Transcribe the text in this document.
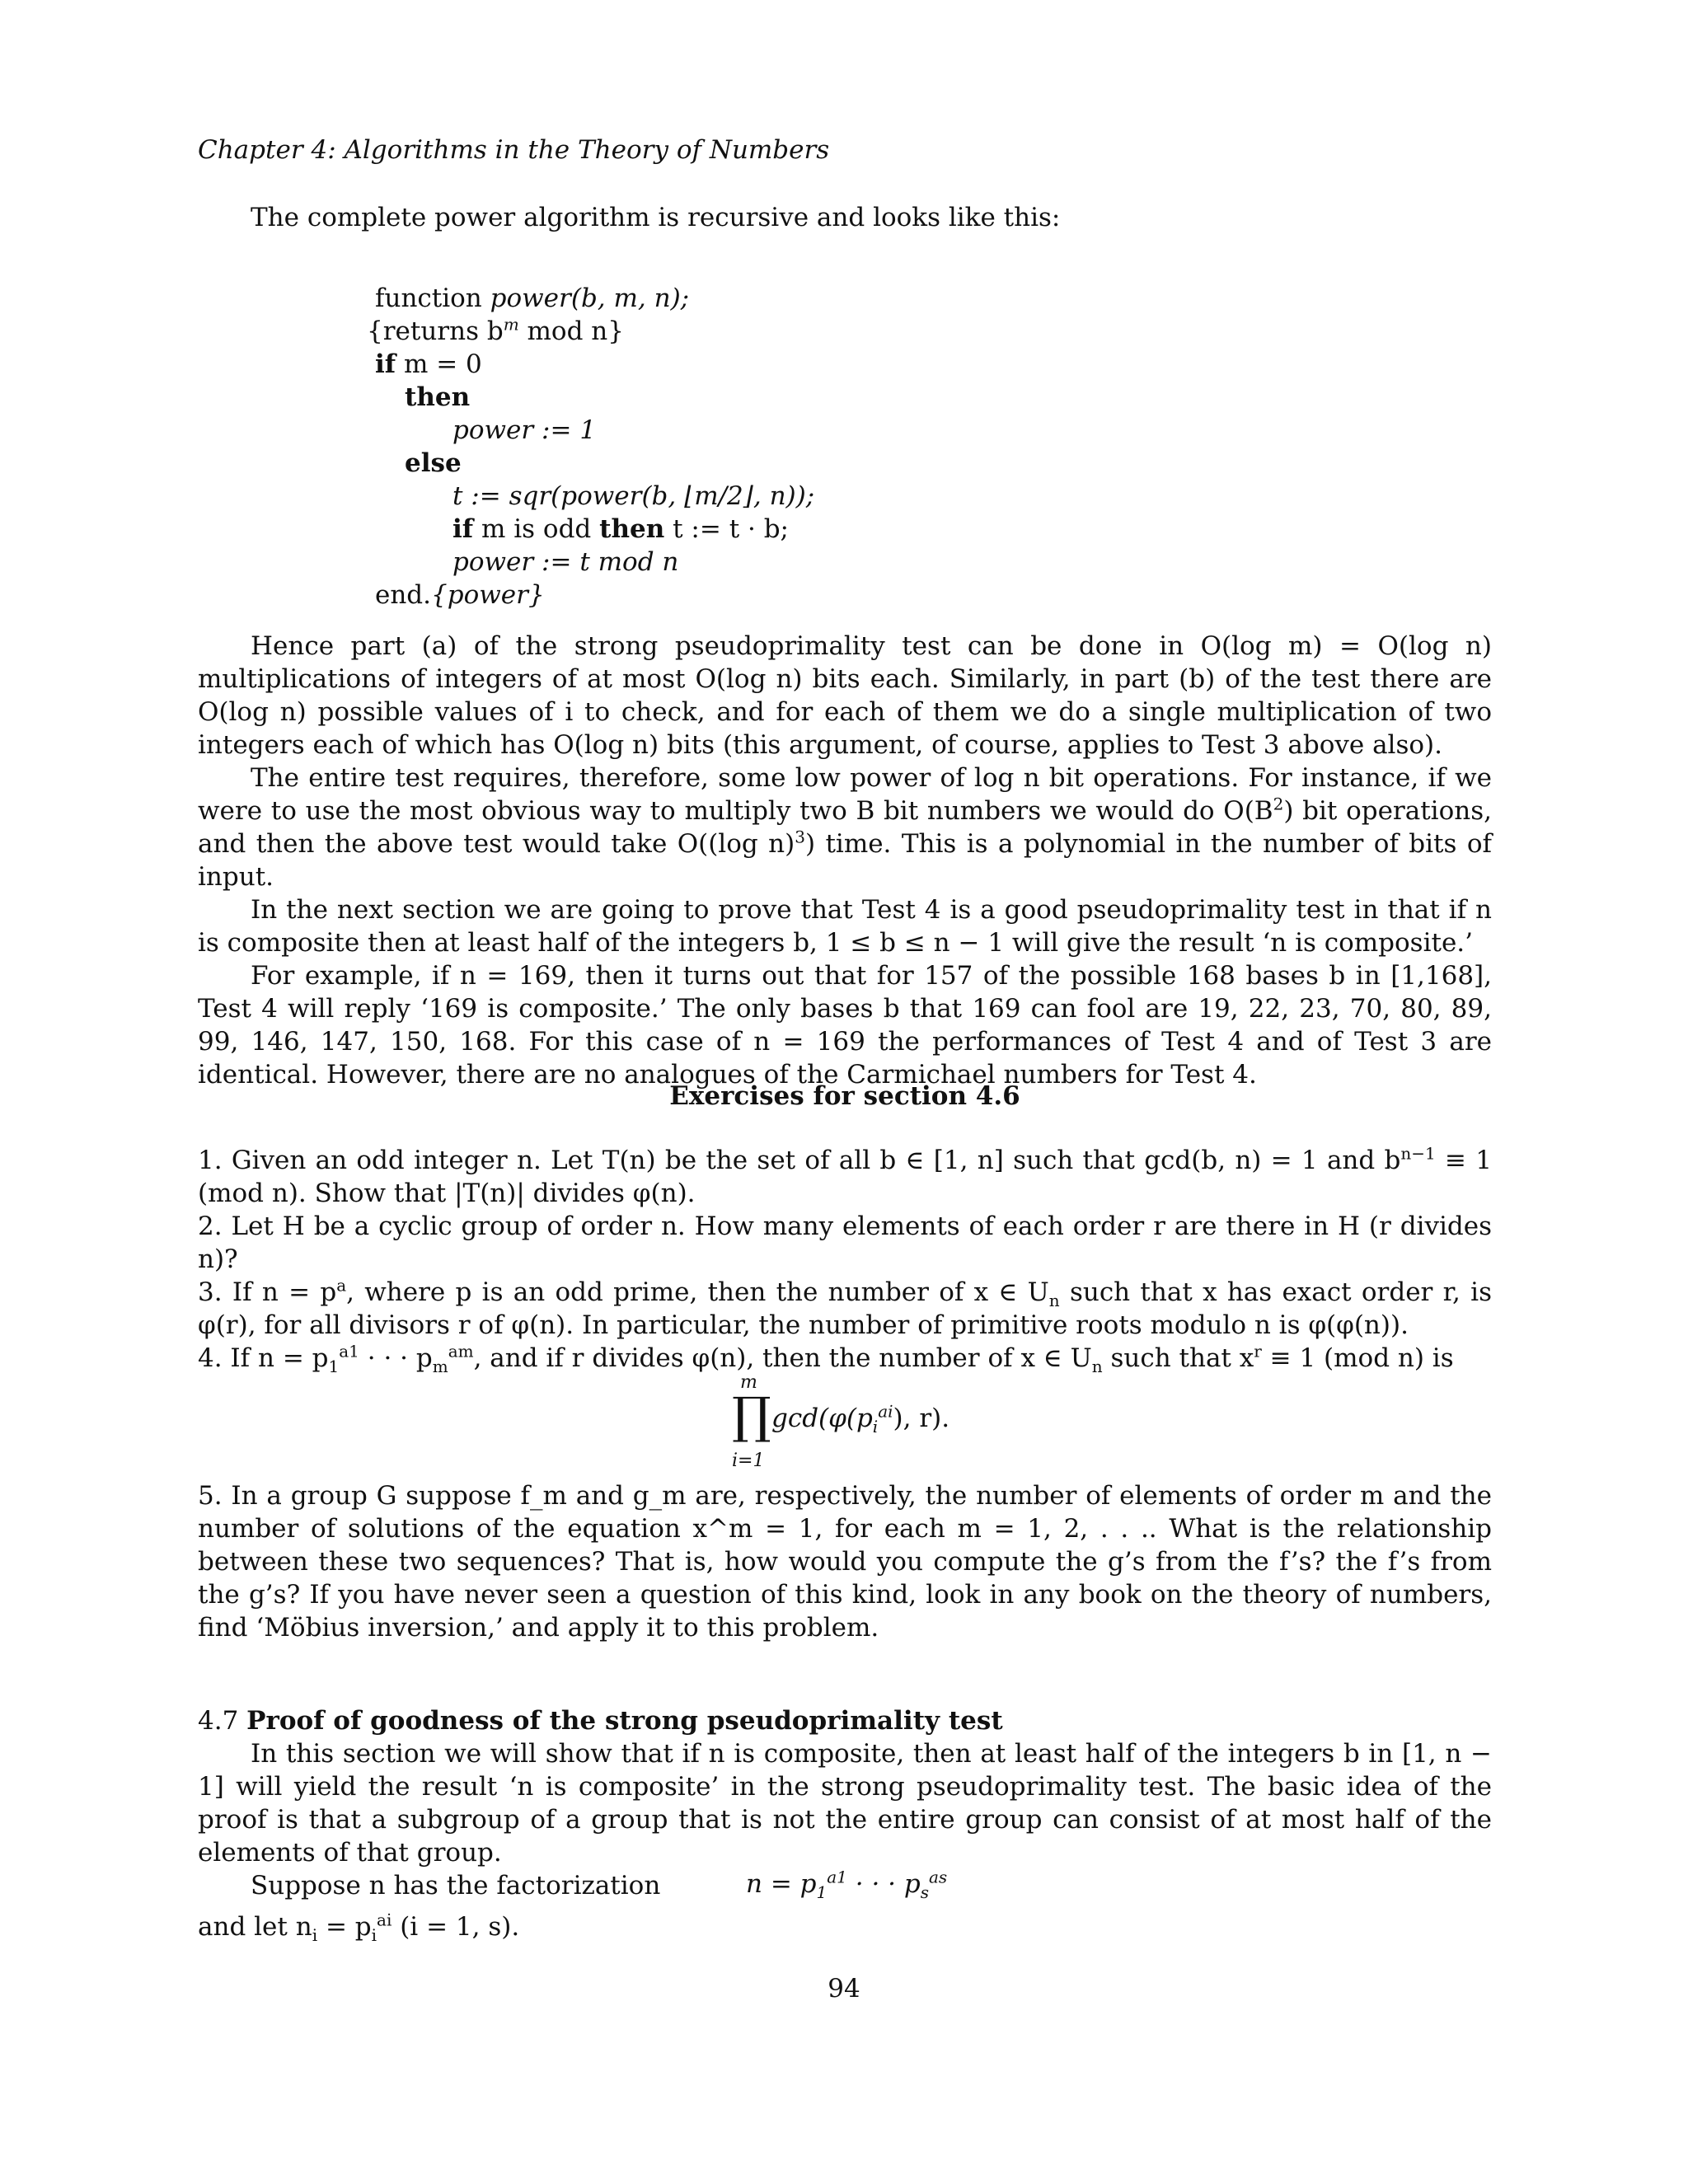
Chapter 4: Algorithms in the Theory of Numbers

The complete power algorithm is recursive and looks like this:

function power(b, m, n);
{returns $b^m$ mod n}
if m = 0
then
power := 1
else
t := sqr(power(b, ⌊m/2⌋, n));
if m is odd then t := t · b;
power := t mod n
end.{power}

Hence part (a) of the strong pseudoprimality test can be done in O(log m) = O(log n) multiplications of integers of at most O(log n) bits each. Similarly, in part (b) of the test there are O(log n) possible values of i to check, and for each of them we do a single multiplication of two integers each of which has O(log n) bits (this argument, of course, applies to Test 3 above also).

The entire test requires, therefore, some low power of log n bit operations. For instance, if we were to use the most obvious way to multiply two B bit numbers we would do $O(B^2)$ bit operations, and then the above test would take O((log n)$^3$) time. This is a polynomial in the number of bits of input.

In the next section we are going to prove that Test 4 is a good pseudoprimality test in that if n is composite then at least half of the integers b, 1 ≤ b ≤ n − 1 will give the result ‘n is composite.’

For example, if n = 169, then it turns out that for 157 of the possible 168 bases b in [1,168], Test 4 will reply ‘169 is composite.’ The only bases b that 169 can fool are 19, 22, 23, 70, 80, 89, 99, 146, 147, 150, 168. For this case of n = 169 the performances of Test 4 and of Test 3 are identical. However, there are no analogues of the Carmichael numbers for Test 4.

Exercises for section 4.6

1. Given an odd integer n. Let T(n) be the set of all b ∈ [1, n] such that gcd(b, n) = 1 and $b^{n-1} \equiv 1$ (mod n). Show that |T(n)| divides φ(n).

2. Let H be a cyclic group of order n. How many elements of each order r are there in H (r divides n)?

3. If $n = p^a$, where p is an odd prime, then the number of x ∈ $U_n$ such that x has exact order r, is φ(r), for all divisors r of φ(n). In particular, the number of primitive roots modulo n is φ(φ(n)).

4. If $n = p_1^{a1}$ · · · $p_m^{am}$, and if r divides φ(n), then the number of x ∈ $U_n$ such that $x^r \equiv 1$ (mod n) is

m
∏ $\gcd(\varphi(p_i^{ai})$, r).
i=1

5. In a group G suppose f_m and g_m are, respectively, the number of elements of order m and the number of solutions of the equation x^m = 1, for each m = 1, 2, . . .. What is the relationship between these two sequences? That is, how would you compute the g’s from the f’s? the f’s from the g’s? If you have never seen a question of this kind, look in any book on the theory of numbers, find ‘Möbius inversion,’ and apply it to this problem.

4.7 Proof of goodness of the strong pseudoprimality test

In this section we will show that if n is composite, then at least half of the integers b in [1, n − 1] will yield the result ‘n is composite’ in the strong pseudoprimality test. The basic idea of the proof is that a subgroup of a group that is not the entire group can consist of at most half of the elements of that group.

Suppose n has the factorization	$n = p_1^{a1}$ · · · $p_s^{as}$

and let $n_i = p_i^{ai}$ (i = 1, s).

94
